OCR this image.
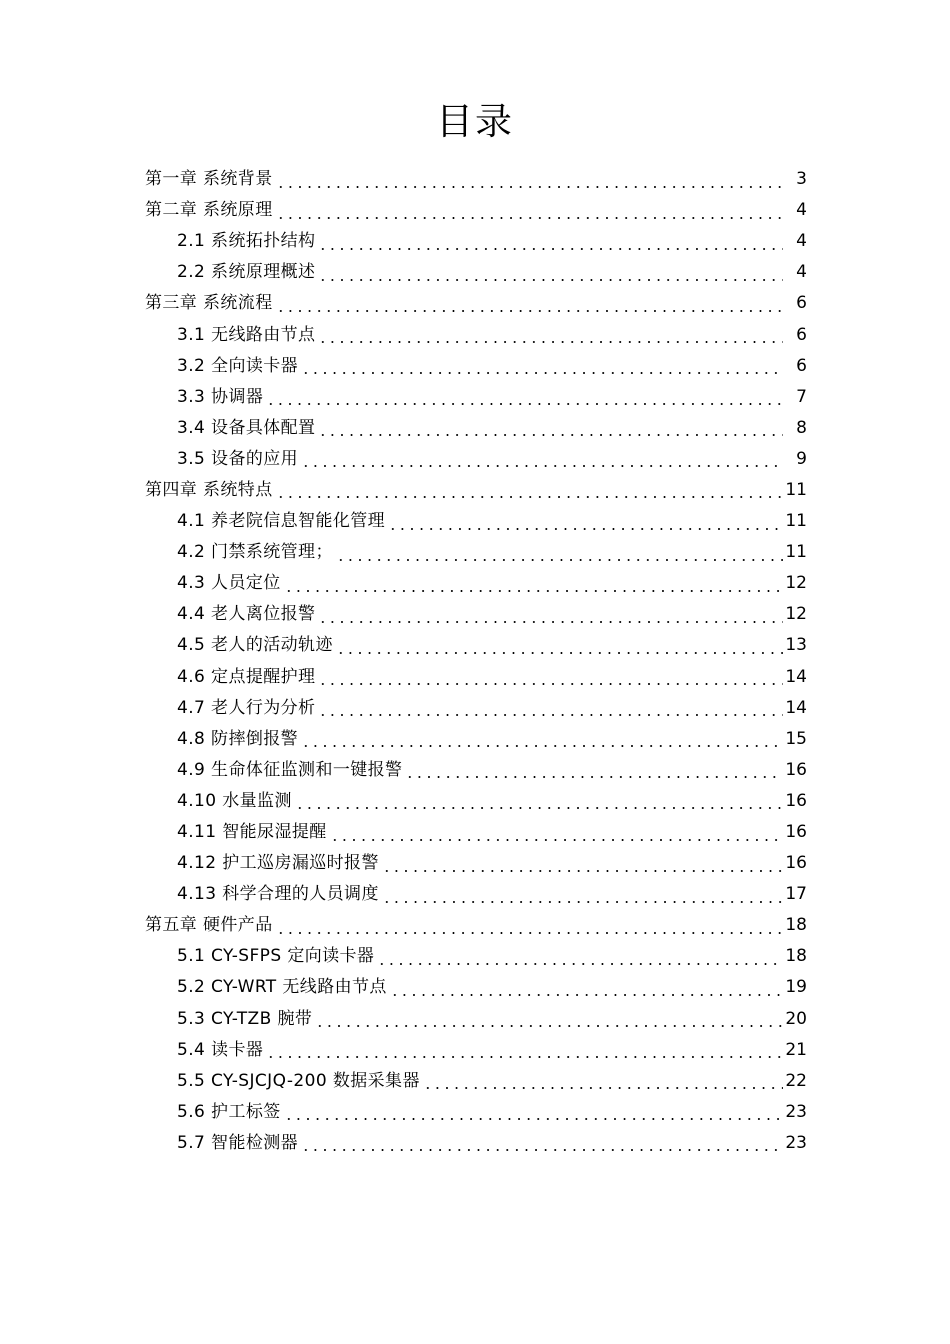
目录
第一章 系统背景	3
第二章 系统原理	4
2.1 系统拓扑结构	4
2.2 系统原理概述	4
第三章 系统流程	6
3.1 无线路由节点	6
3.2 全向读卡器	6
3.3 协调器	7
3.4 设备具体配置	8
3.5 设备的应用	9
第四章 系统特点	11
4.1 养老院信息智能化管理	11
4.2 门禁系统管理；	11
4.3 人员定位	12
4.4 老人离位报警	12
4.5 老人的活动轨迹	13
4.6 定点提醒护理	14
4.7 老人行为分析	14
4.8 防摔倒报警	15
4.9 生命体征监测和一键报警	16
4.10 水量监测	16
4.11 智能尿湿提醒	16
4.12 护工巡房漏巡时报警	16
4.13 科学合理的人员调度	17
第五章 硬件产品	18
5.1 CY-SFPS 定向读卡器	18
5.2 CY-WRT 无线路由节点	19
5.3 CY-TZB 腕带	20
5.4 读卡器	21
5.5 CY-SJCJQ-200 数据采集器	22
5.6 护工标签	23
5.7 智能检测器	23
